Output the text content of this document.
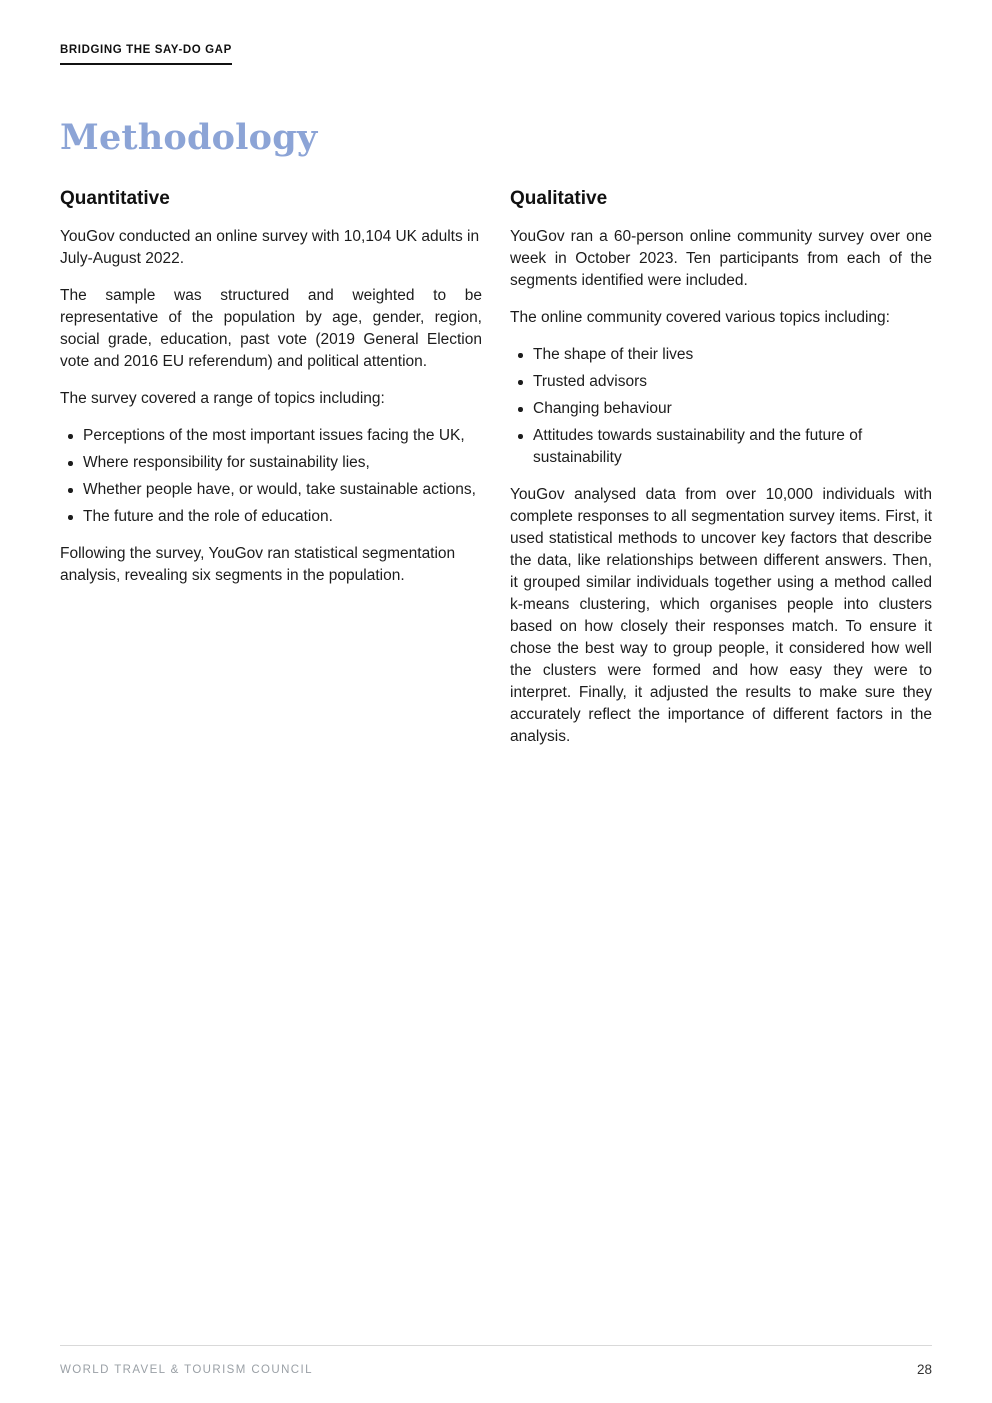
BRIDGING THE SAY-DO GAP
Methodology
Quantitative

YouGov conducted an online survey with 10,104 UK adults in July-August 2022.

The sample was structured and weighted to be representative of the population by age, gender, region, social grade, education, past vote (2019 General Election vote and 2016 EU referendum) and political attention.

The survey covered a range of topics including:

Perceptions of the most important issues facing the UK,
Where responsibility for sustainability lies,
Whether people have, or would, take sustainable actions,
The future and the role of education.

Following the survey, YouGov ran statistical segmentation analysis, revealing six segments in the population.

Qualitative

YouGov ran a 60-person online community survey over one week in October 2023. Ten participants from each of the segments identified were included.

The online community covered various topics including:

The shape of their lives
Trusted advisors
Changing behaviour
Attitudes towards sustainability and the future of sustainability

YouGov analysed data from over 10,000 individuals with complete responses to all segmentation survey items. First, it used statistical methods to uncover key factors that describe the data, like relationships between different answers. Then, it grouped similar individuals together using a method called k-means clustering, which organises people into clusters based on how closely their responses match. To ensure it chose the best way to group people, it considered how well the clusters were formed and how easy they were to interpret. Finally, it adjusted the results to make sure they accurately reflect the importance of different factors in the analysis.

WORLD TRAVEL & TOURISM COUNCIL	28
